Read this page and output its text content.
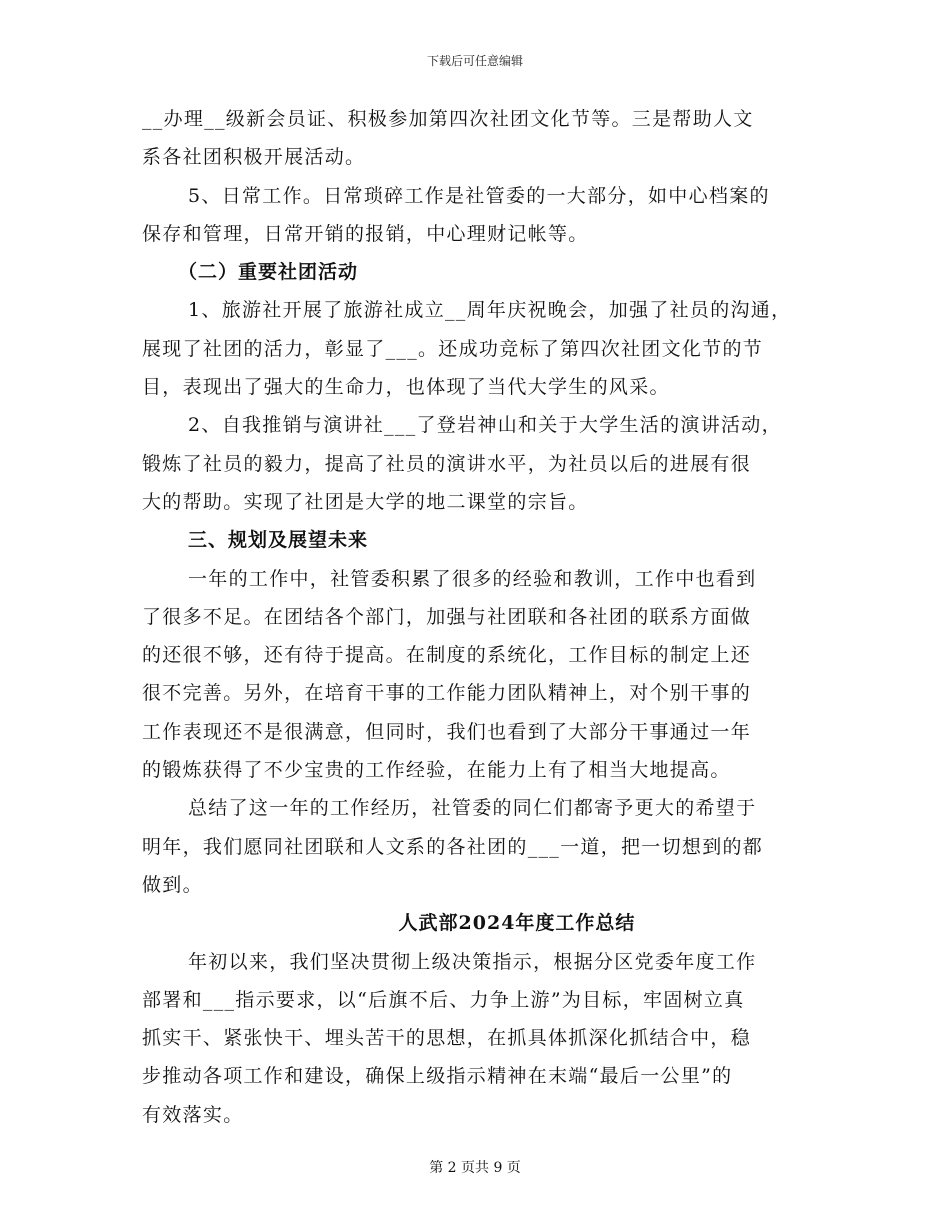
下载后可任意编辑

__办理__级新会员证、积极参加第四次社团文化节等。三是帮助人文
系各社团积极开展活动。

5、日常工作。日常琐碎工作是社管委的一大部分，如中心档案的
保存和管理，日常开销的报销，中心理财记帐等。

（二）重要社团活动

1、旅游社开展了旅游社成立__周年庆祝晚会，加强了社员的沟通，
展现了社团的活力，彰显了___。还成功竞标了第四次社团文化节的节
目，表现出了强大的生命力，也体现了当代大学生的风采。

2、自我推销与演讲社___了登岩神山和关于大学生活的演讲活动，
锻炼了社员的毅力，提高了社员的演讲水平，为社员以后的进展有很
大的帮助。实现了社团是大学的地二课堂的宗旨。

三、规划及展望未来

一年的工作中，社管委积累了很多的经验和教训，工作中也看到
了很多不足。在团结各个部门，加强与社团联和各社团的联系方面做
的还很不够，还有待于提高。在制度的系统化，工作目标的制定上还
很不完善。另外，在培育干事的工作能力团队精神上，对个别干事的
工作表现还不是很满意，但同时，我们也看到了大部分干事通过一年
的锻炼获得了不少宝贵的工作经验，在能力上有了相当大地提高。

总结了这一年的工作经历，社管委的同仁们都寄予更大的希望于
明年，我们愿同社团联和人文系的各社团的___一道，把一切想到的都
做到。

人武部2024年度工作总结

年初以来，我们坚决贯彻上级决策指示，根据分区党委年度工作
部署和___指示要求，以“后旗不后、力争上游”为目标，牢固树立真
抓实干、紧张快干、埋头苦干的思想，在抓具体抓深化抓结合中，稳
步推动各项工作和建设，确保上级指示精神在末端“最后一公里”的
有效落实。

第 2 页共 9 页
